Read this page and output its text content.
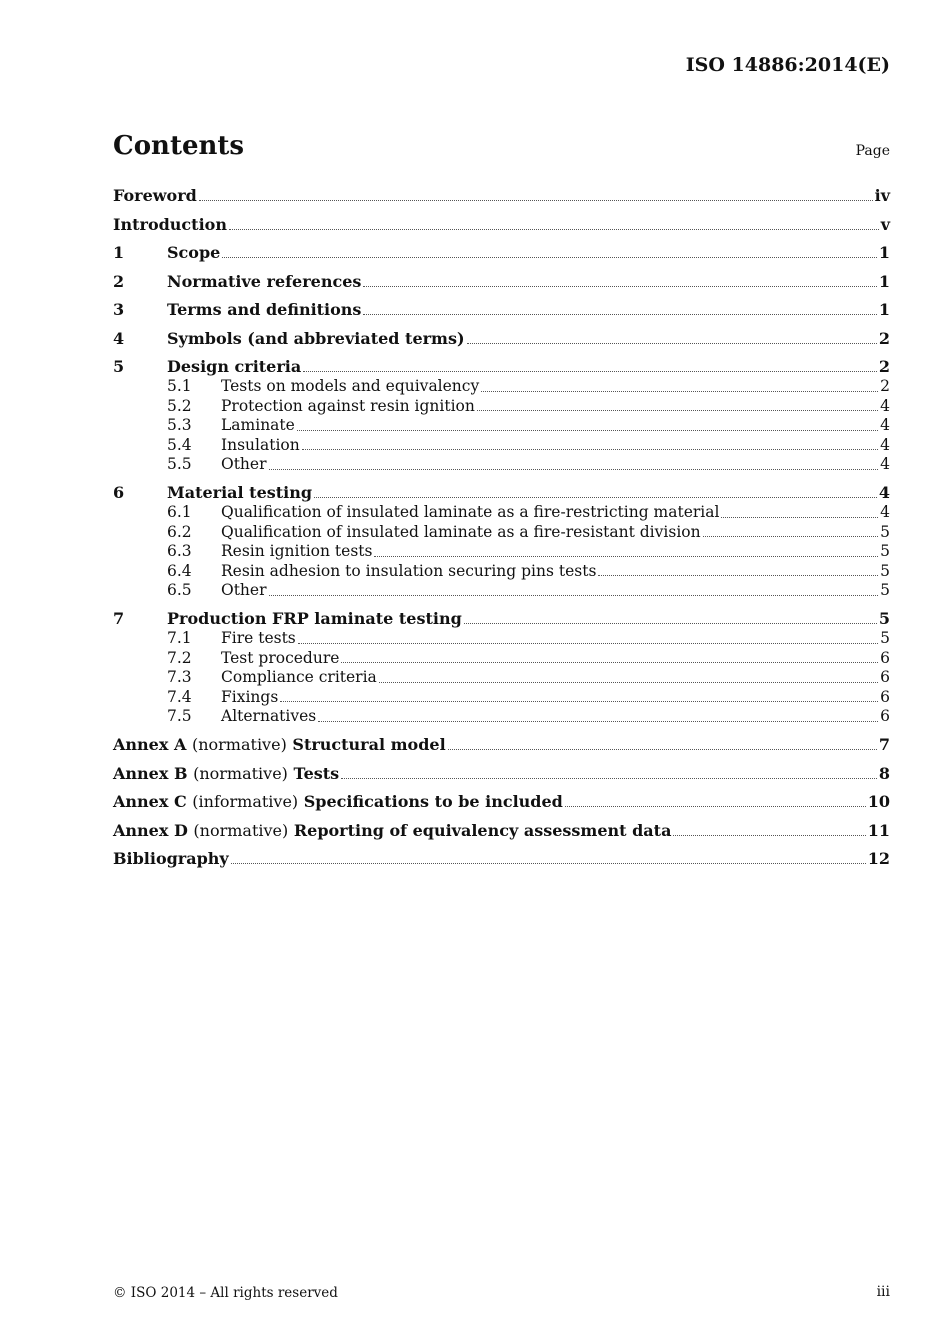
ISO 14886:2014(E)
Contents	Page
Foreword	iv
Introduction	v
1	Scope	1
2	Normative references	1
3	Terms and definitions	1
4	Symbols (and abbreviated terms)	2
5	Design criteria	2
5.1	Tests on models and equivalency	2
5.2	Protection against resin ignition	4
5.3	Laminate	4
5.4	Insulation	4
5.5	Other	4
6	Material testing	4
6.1	Qualification of insulated laminate as a fire-restricting material	4
6.2	Qualification of insulated laminate as a fire-resistant division	5
6.3	Resin ignition tests	5
6.4	Resin adhesion to insulation securing pins tests	5
6.5	Other	5
7	Production FRP laminate testing	5
7.1	Fire tests	5
7.2	Test procedure	6
7.3	Compliance criteria	6
7.4	Fixings	6
7.5	Alternatives	6
Annex A (normative) Structural model	7
Annex B (normative) Tests	8
Annex C (informative) Specifications to be included	10
Annex D (normative) Reporting of equivalency assessment data	11
Bibliography	12
© ISO 2014 – All rights reserved	iii
